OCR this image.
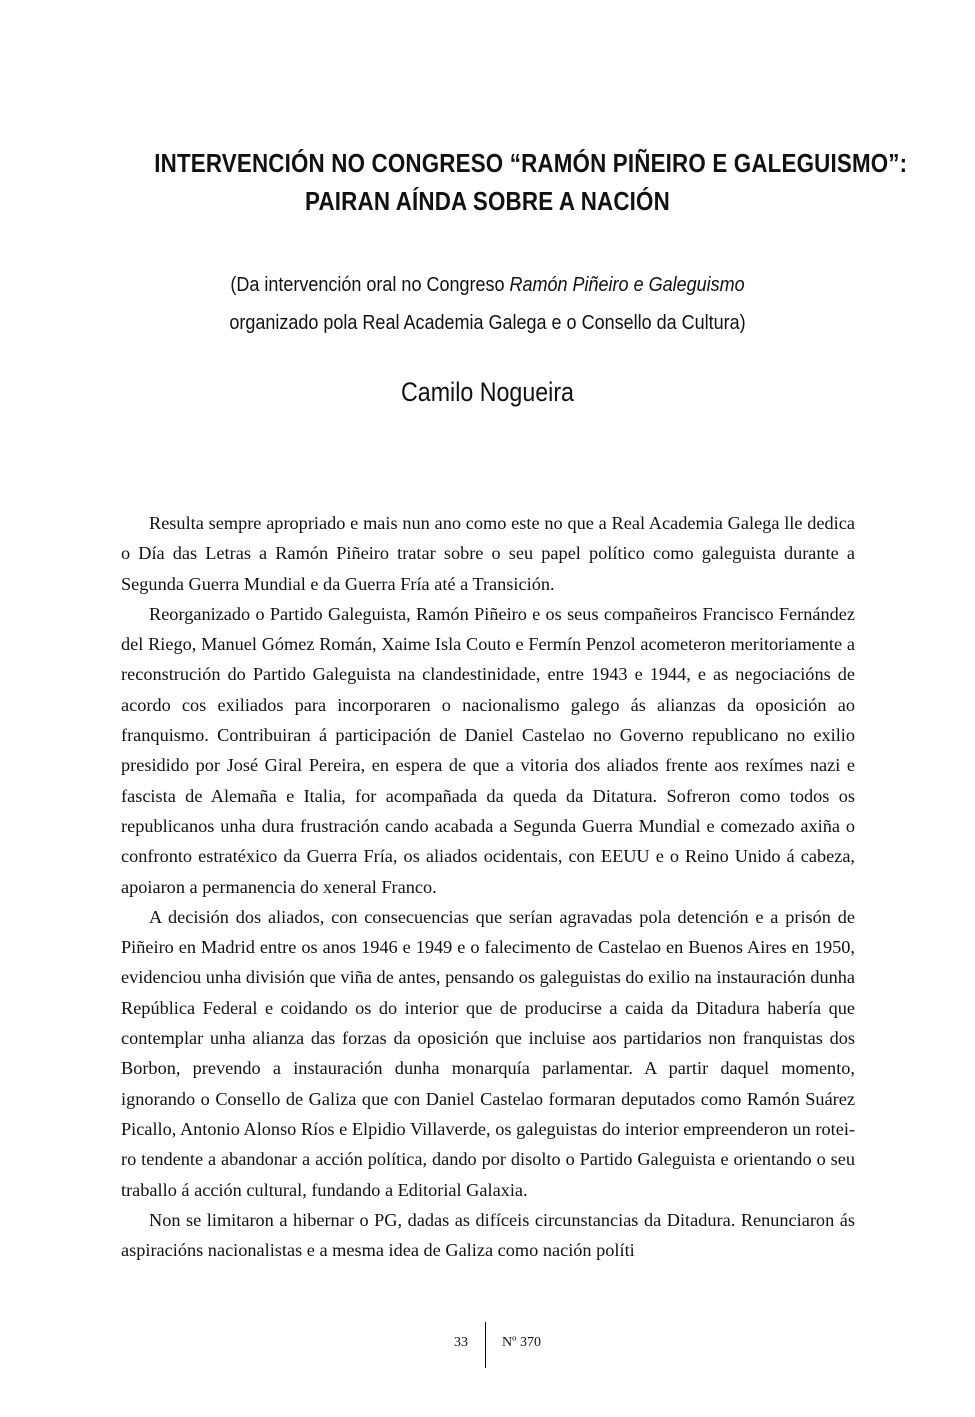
INTERVENCIÓN NO CONGRESO “RAMÓN PIÑEIRO E GALEGUISMO”:
PAIRAN AÍNDA SOBRE A NACIÓN
(Da intervención oral no Congreso Ramón Piñeiro e Galeguismo
organizado pola Real Academia Galega e o Consello da Cultura)
Camilo Nogueira

Resulta sempre apropriado e mais nun ano como este no que a Real Academia Galega lle dedica o Día das Letras a Ramón Piñeiro tratar sobre o seu papel político como galeguista durante a Segunda Guerra Mundial e da Guerra Fría até a Transición.

Reorganizado o Partido Galeguista, Ramón Piñeiro e os seus compañeiros Francisco Fernández del Riego, Manuel Gómez Román, Xaime Isla Couto e Fermín Penzol acometeron meritoriamente a reconstrución do Partido Galeguista na clandestinidade, entre 1943 e 1944, e as negociacións de acordo cos exiliados para incorporaren o nacionalismo galego ás alianzas da oposición ao franquismo. Contribuiran á participación de Daniel Castelao no Governo republicano no exilio presidido por José Giral Pereira, en espera de que a vitoria dos aliados frente aos rexímes nazi e fascista de Alemaña e Italia, for acompañada da queda da Ditatura. Sofreron como todos os republicanos unha dura frustración cando acabada a Segunda Guerra Mundial e comezado axiña o confronto estratéxico da Guerra Fría, os aliados ocidentais, con EEUU e o Reino Unido á cabeza, apoiaron a permanencia do xeneral Franco.

A decisión dos aliados, con consecuencias que serían agravadas pola detención e a prisón de Piñeiro en Madrid entre os anos 1946 e 1949 e o falecimento de Castelao en Buenos Aires en 1950, evidenciou unha división que viña de antes, pensando os galeguistas do exilio na instauración dunha República Federal e coidando os do interior que de producirse a caida da Ditadura habería que contemplar unha alianza das forzas da oposición que incluise aos partidarios non franquistas dos Borbon, prevendo a instauración dunha monarquía parlamentar. A partir daquel momento, ignorando o Consello de Galiza que con Daniel Castelao formaran deputados como Ramón Suárez Picallo, Antonio Alonso Ríos e Elpidio Villaverde, os galeguistas do interior empreenderon un roteiro tendente a abandonar a acción política, dando por disolto o Partido Galeguista e orientando o seu traballo á acción cultural, fundando a Editorial Galaxia.

Non se limitaron a hibernar o PG, dadas as difíceis circunstancias da Ditadura. Renunciaron ás aspiracións nacionalistas e a mesma idea de Galiza como nación políti

33 Nº 370
